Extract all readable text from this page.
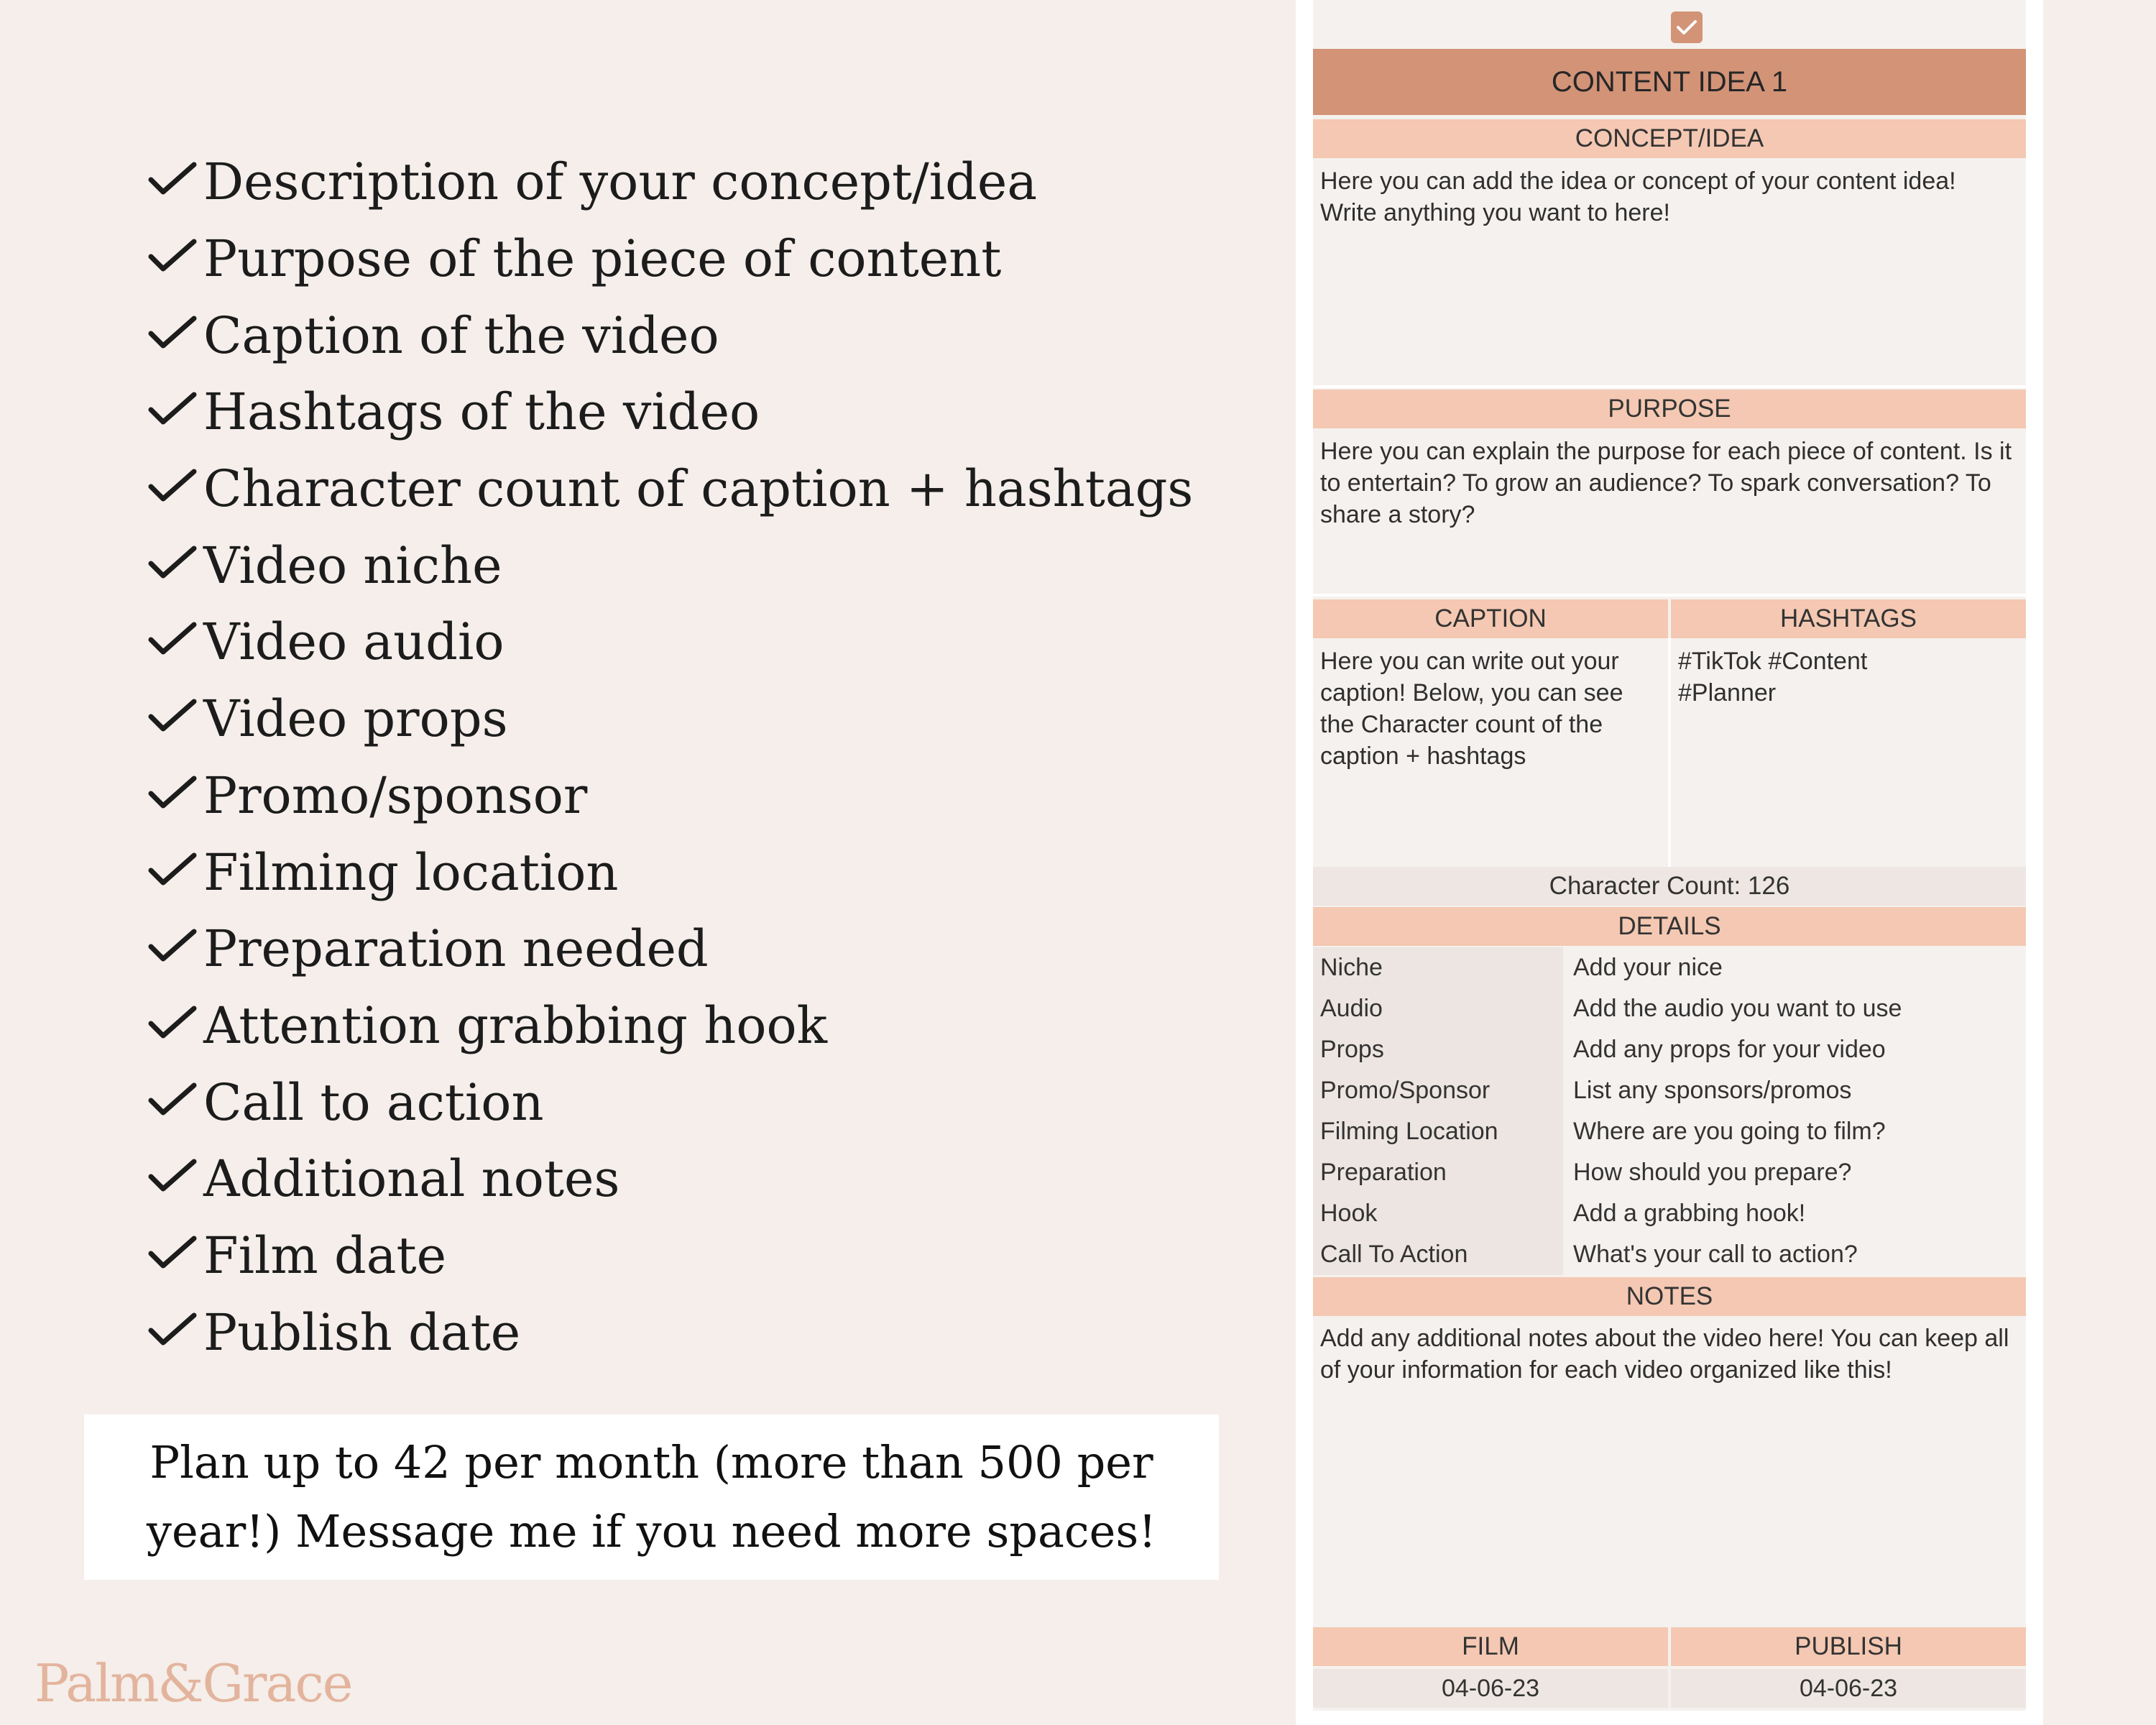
Description of your concept/idea
Purpose of the piece of content
Caption of the video
Hashtags of the video
Character count of caption + hashtags
Video niche
Video audio
Video props
Promo/sponsor
Filming location
Preparation needed
Attention grabbing hook
Call to action
Additional notes
Film date
Publish date
Plan up to 42 per month (more than 500 per
year!) Message me if you need more spaces!
Palm&Grace
CONTENT IDEA 1
CONCEPT/IDEA
Here you can add the idea or concept of your content idea! Write anything you want to here!
PURPOSE
Here you can explain the purpose for each piece of content. Is it to entertain? To grow an audience? To spark conversation? To share a story?
CAPTION	HASHTAGS
Here you can write out your caption! Below, you can see the Character count of the caption + hashtags
#TikTok #Content #Planner
Character Count: 126
DETAILS
Niche	Add your nice
Audio	Add the audio you want to use
Props	Add any props for your video
Promo/Sponsor	List any sponsors/promos
Filming Location	Where are you going to film?
Preparation	How should you prepare?
Hook	Add a grabbing hook!
Call To Action	What's your call to action?
NOTES
Add any additional notes about the video here! You can keep all of your information for each video organized like this!
FILM	PUBLISH
04-06-23	04-06-23
